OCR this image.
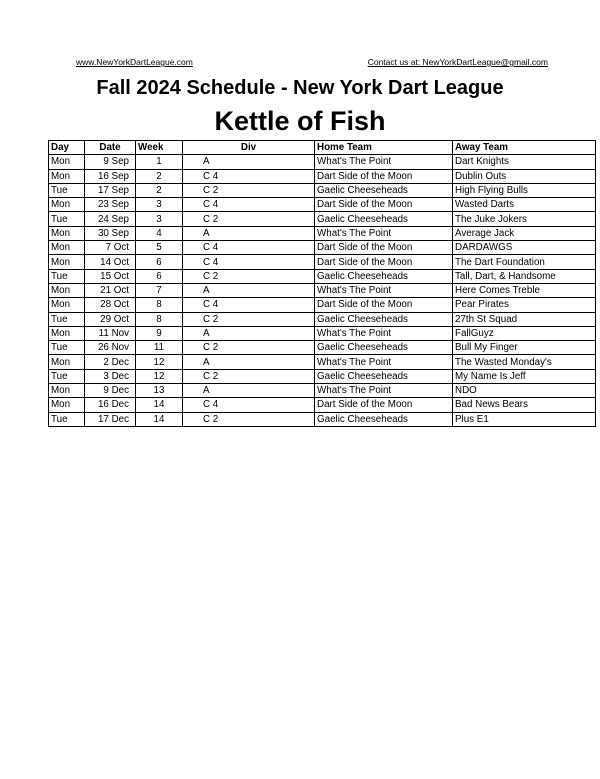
www.NewYorkDartLeague.com	Contact us at: NewYorkDartLeague@gmail.com
Fall 2024 Schedule - New York Dart League
Kettle of Fish
Day	Date	Week	Div	Home Team	Away Team
Mon	9 Sep	1	A	What's The Point	Dart Knights
Mon	16 Sep	2	C 4	Dart Side of the Moon	Dublin Outs
Tue	17 Sep	2	C 2	Gaelic Cheeseheads	High Flying Bulls
Mon	23 Sep	3	C 4	Dart Side of the Moon	Wasted Darts
Tue	24 Sep	3	C 2	Gaelic Cheeseheads	The Juke Jokers
Mon	30 Sep	4	A	What's The Point	Average Jack
Mon	7 Oct	5	C 4	Dart Side of the Moon	DARDAWGS
Mon	14 Oct	6	C 4	Dart Side of the Moon	The Dart Foundation
Tue	15 Oct	6	C 2	Gaelic Cheeseheads	Tall, Dart, & Handsome
Mon	21 Oct	7	A	What's The Point	Here Comes Treble
Mon	28 Oct	8	C 4	Dart Side of the Moon	Pear Pirates
Tue	29 Oct	8	C 2	Gaelic Cheeseheads	27th St Squad
Mon	11 Nov	9	A	What's The Point	FallGuyz
Tue	26 Nov	11	C 2	Gaelic Cheeseheads	Bull My Finger
Mon	2 Dec	12	A	What's The Point	The Wasted Monday's
Tue	3 Dec	12	C 2	Gaelic Cheeseheads	My Name Is Jeff
Mon	9 Dec	13	A	What's The Point	NDO
Mon	16 Dec	14	C 4	Dart Side of the Moon	Bad News Bears
Tue	17 Dec	14	C 2	Gaelic Cheeseheads	Plus E1
